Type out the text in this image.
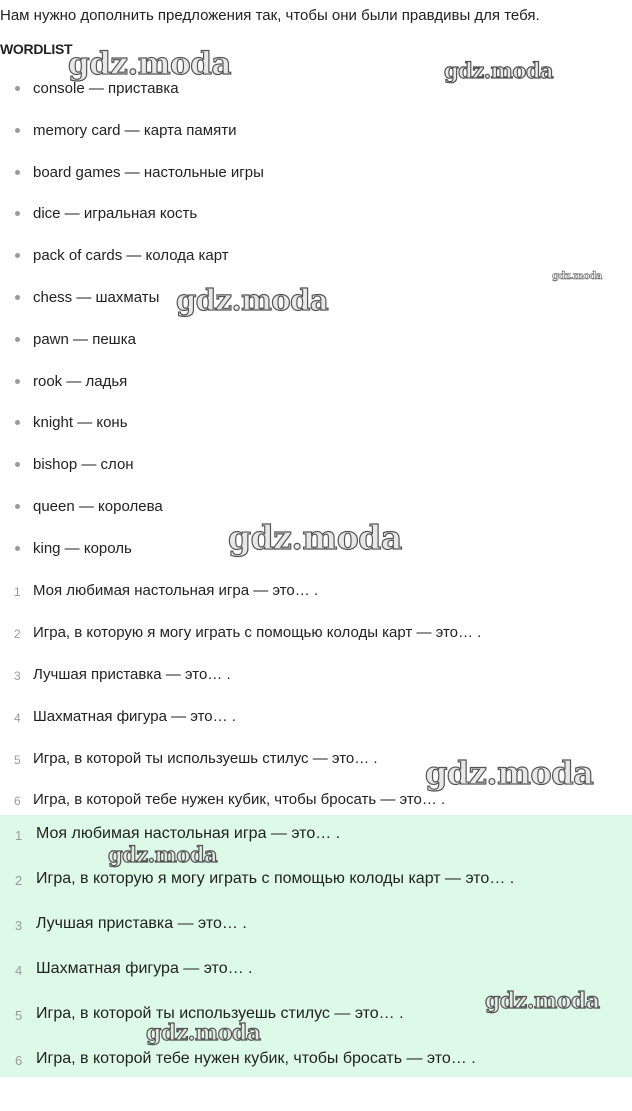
Нам нужно дополнить предложения так, чтобы они были правдивы для тебя.
WORDLIST
console — приставка
memory card — карта памяти
board games — настольные игры
dice — игральная кость
pack of cards — колода карт
chess — шахматы
pawn — пешка
rook — ладья
knight — конь
bishop — слон
queen — королева
king — король
1 Моя любимая настольная игра — это… .
2 Игра, в которую я могу играть с помощью колоды карт — это… .
3 Лучшая приставка — это… .
4 Шахматная фигура — это… .
5 Игра, в которой ты используешь стилус — это… .
6 Игра, в которой тебе нужен кубик, чтобы бросать — это… .
1 Моя любимая настольная игра — это… .
2 Игра, в которую я могу играть с помощью колоды карт — это… .
3 Лучшая приставка — это… .
4 Шахматная фигура — это… .
5 Игра, в которой ты используешь стилус — это… .
6 Игра, в которой тебе нужен кубик, чтобы бросать — это… .
gdz.moda	gdz.moda
gdz.moda
gdz.moda
gdz.moda
gdz.moda
gdz.moda
gdz.moda
gdz.moda
